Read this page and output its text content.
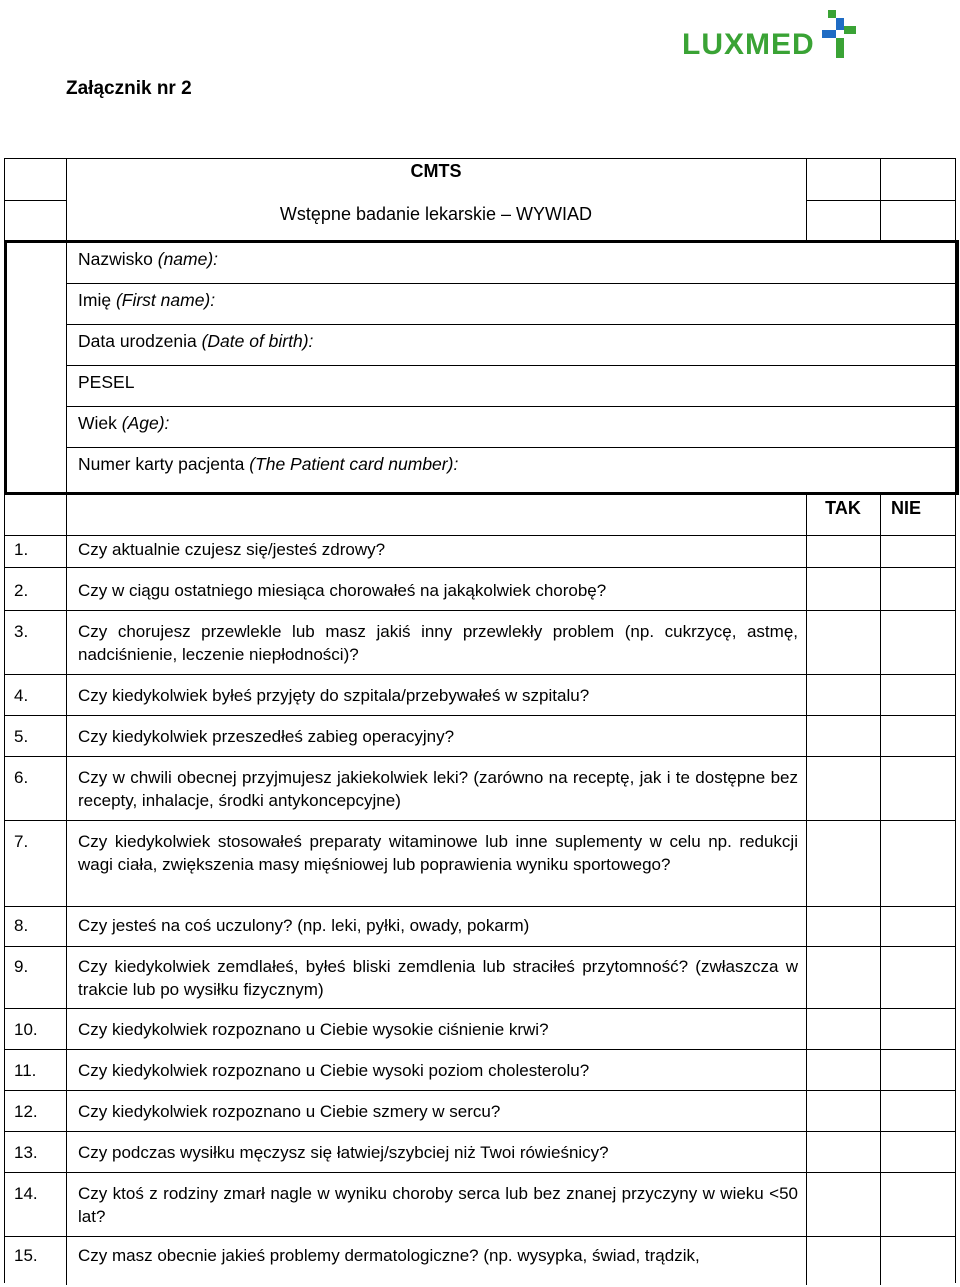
LUXMED
Załącznik nr 2
CMTS
Wstępne badanie lekarskie – WYWIAD
Nazwisko (name):
Imię (First name):
Data urodzenia (Date of birth):
PESEL
Wiek (Age):
Numer karty pacjenta (The Patient card number):
TAK	NIE
1.	Czy aktualnie czujesz się/jesteś zdrowy?
2.	Czy w ciągu ostatniego miesiąca chorowałeś na jakąkolwiek chorobę?
3.	Czy chorujesz przewlekle lub masz jakiś inny przewlekły problem (np. cukrzycę, astmę, nadciśnienie, leczenie niepłodności)?
4.	Czy kiedykolwiek byłeś przyjęty do szpitala/przebywałeś w szpitalu?
5.	Czy kiedykolwiek przeszedłeś zabieg operacyjny?
6.	Czy w chwili obecnej przyjmujesz jakiekolwiek leki? (zarówno na receptę, jak i te dostępne bez recepty, inhalacje, środki antykoncepcyjne)
7.	Czy kiedykolwiek stosowałeś preparaty witaminowe lub inne suplementy w celu np. redukcji wagi ciała, zwiększenia masy mięśniowej lub poprawienia wyniku sportowego?
8.	Czy jesteś na coś uczulony? (np. leki, pyłki, owady, pokarm)
9.	Czy kiedykolwiek zemdlałeś, byłeś bliski zemdlenia lub straciłeś przytomność? (zwłaszcza w trakcie lub po wysiłku fizycznym)
10. Czy kiedykolwiek rozpoznano u Ciebie wysokie ciśnienie krwi?
11. Czy kiedykolwiek rozpoznano u Ciebie wysoki poziom cholesterolu?
12. Czy kiedykolwiek rozpoznano u Ciebie szmery w sercu?
13. Czy podczas wysiłku męczysz się łatwiej/szybciej niż Twoi rówieśnicy?
14. Czy ktoś z rodziny zmarł nagle w wyniku choroby serca lub bez znanej przyczyny w wieku <50 lat?
15. Czy masz obecnie jakieś problemy dermatologiczne? (np. wysypka, świad, trądzik,
